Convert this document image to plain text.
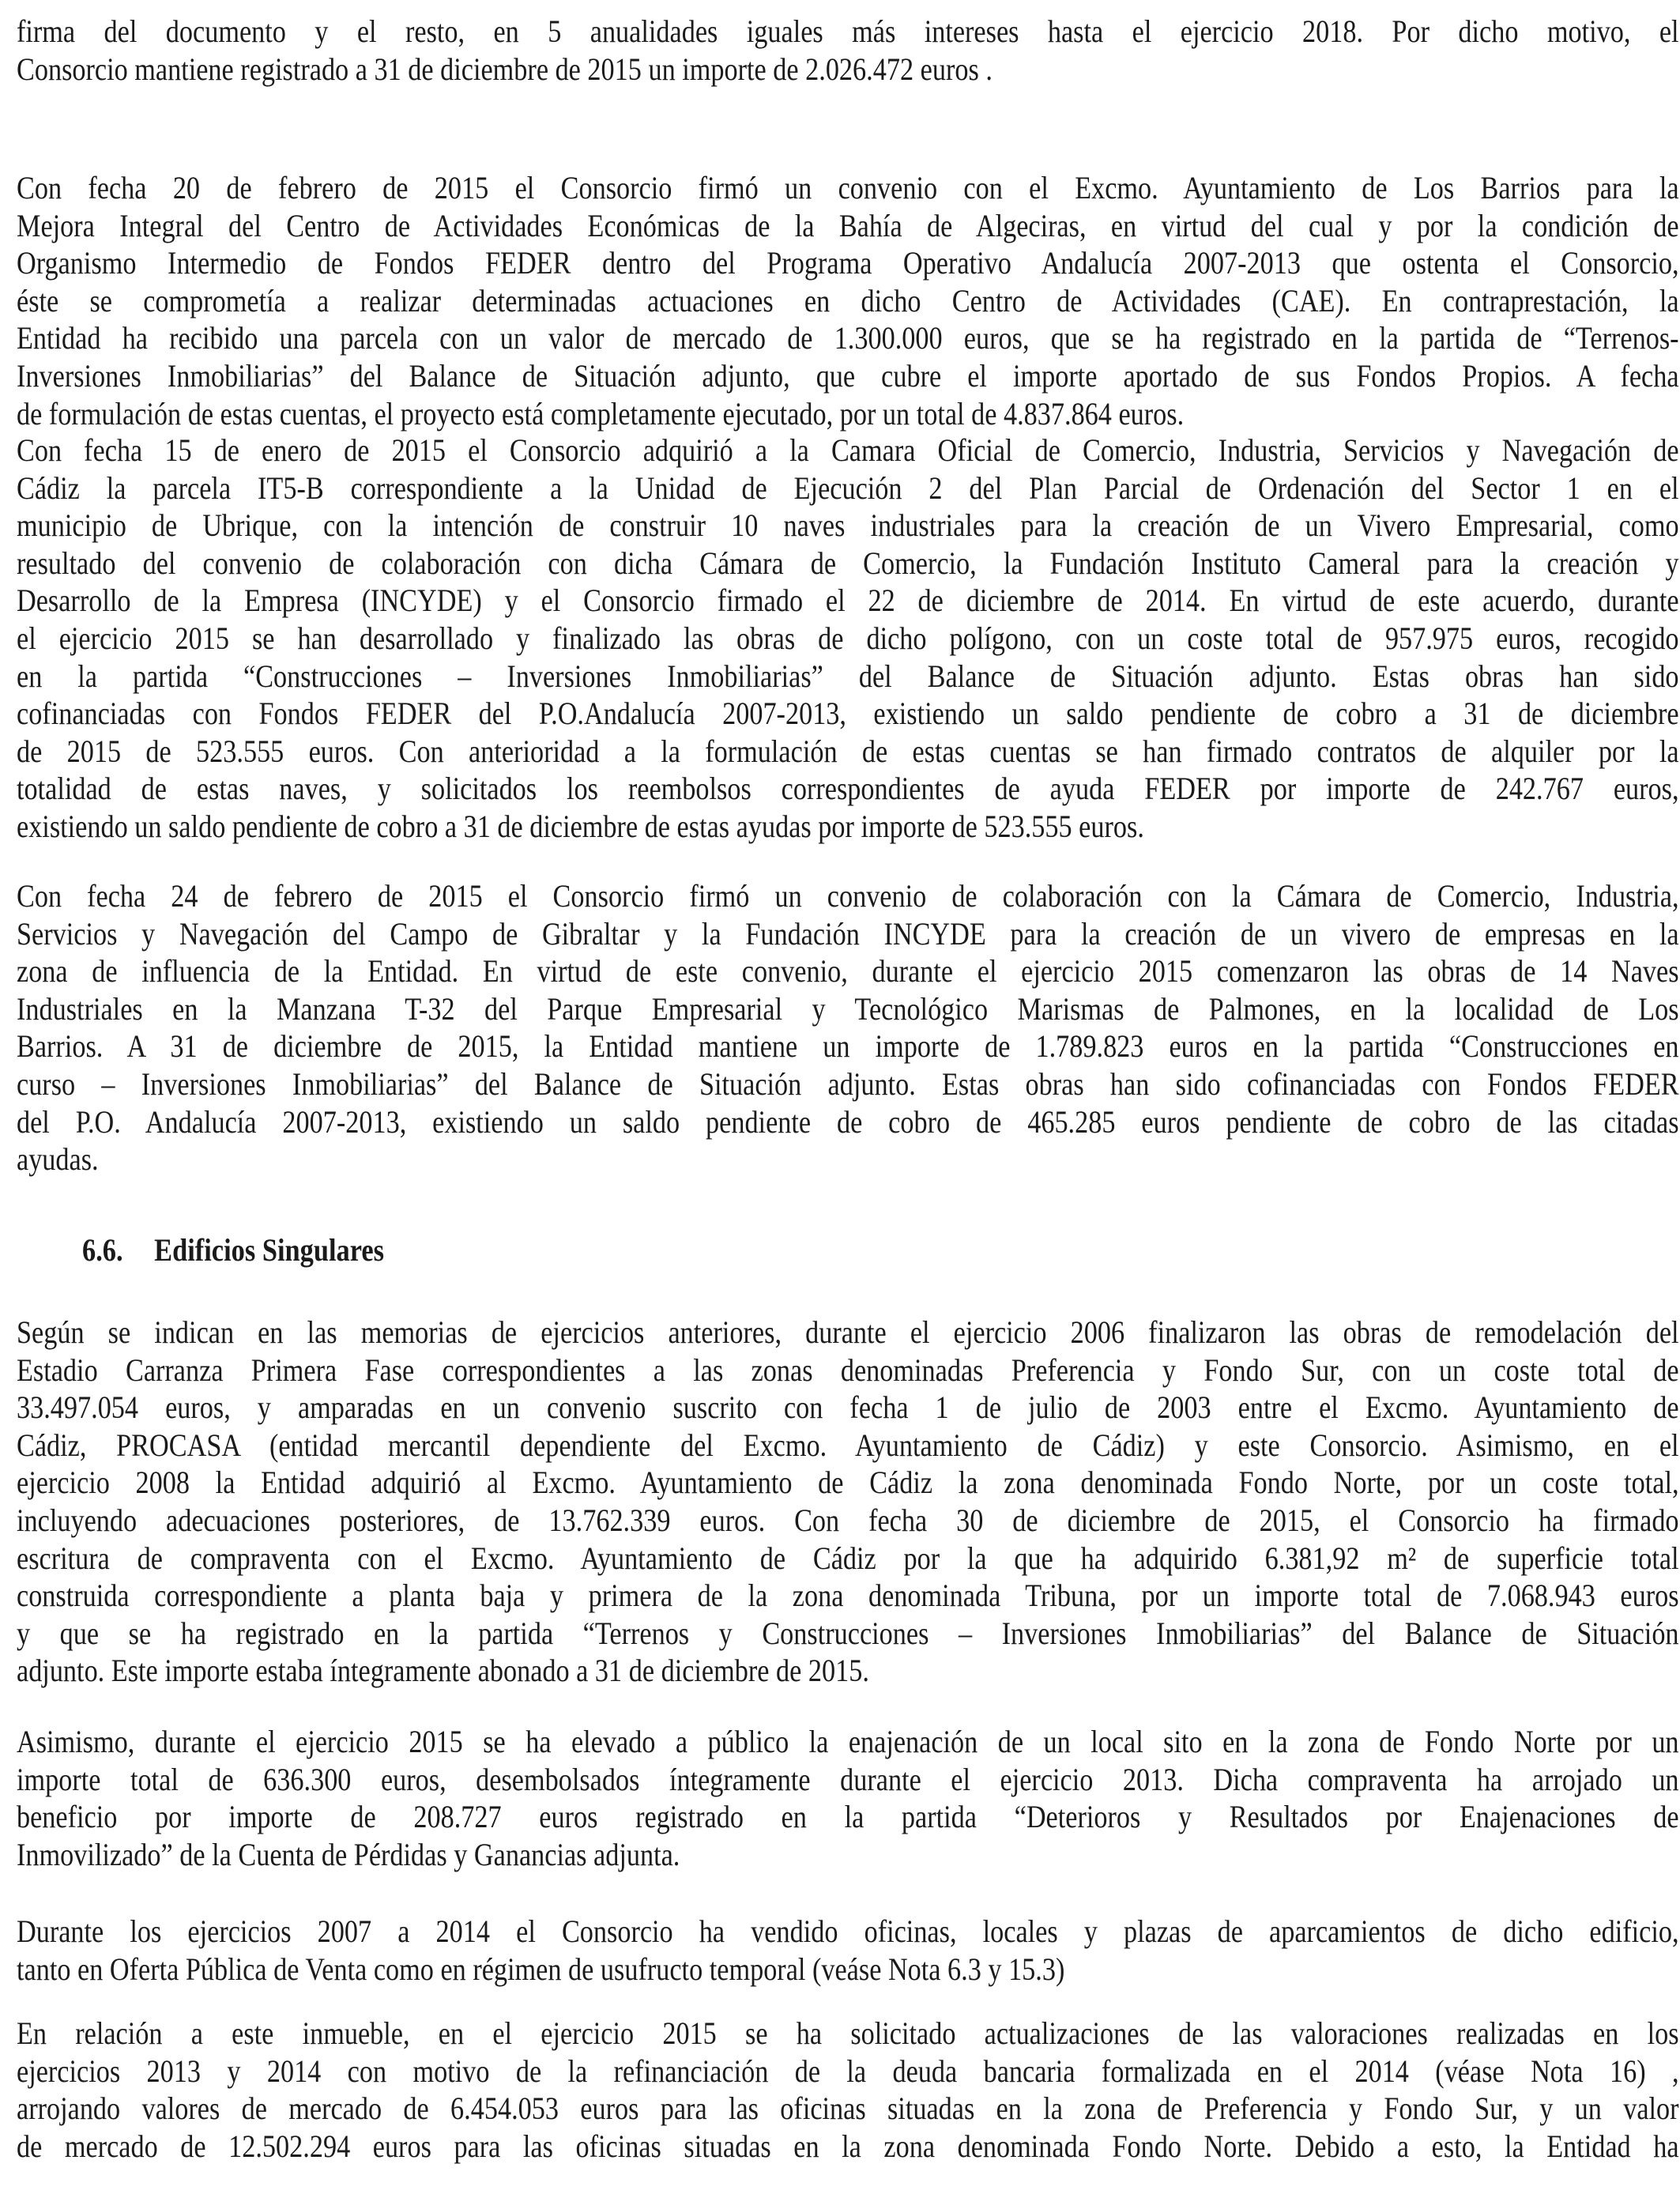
firma del documento y el resto, en 5 anualidades iguales más intereses hasta el ejercicio 2018. Por dicho motivo, el
Consorcio mantiene registrado a 31 de diciembre de 2015 un importe de 2.026.472 euros .
Con fecha 20 de febrero de 2015 el Consorcio firmó un convenio con el Excmo. Ayuntamiento de Los Barrios para la
Mejora Integral del Centro de Actividades Económicas de la Bahía de Algeciras, en virtud del cual y por la condición de
Organismo Intermedio de Fondos FEDER dentro del Programa Operativo Andalucía 2007-2013 que ostenta el Consorcio,
éste se comprometía a realizar determinadas actuaciones en dicho Centro de Actividades (CAE). En contraprestación, la
Entidad ha recibido una parcela con un valor de mercado de 1.300.000 euros, que se ha registrado en la partida de “Terrenos-
Inversiones Inmobiliarias” del Balance de Situación adjunto, que cubre el importe aportado de sus Fondos Propios. A fecha
de formulación de estas cuentas, el proyecto está completamente ejecutado, por un total de 4.837.864 euros.
Con fecha 15 de enero de 2015 el Consorcio adquirió a la Camara Oficial de Comercio, Industria, Servicios y Navegación de
Cádiz la parcela IT5-B correspondiente a la Unidad de Ejecución 2 del Plan Parcial de Ordenación del Sector 1 en el
municipio de Ubrique, con la intención de construir 10 naves industriales para la creación de un Vivero Empresarial, como
resultado del convenio de colaboración con dicha Cámara de Comercio, la Fundación Instituto Cameral para la creación y
Desarrollo de la Empresa (INCYDE) y el Consorcio firmado el 22 de diciembre de 2014. En virtud de este acuerdo, durante
el ejercicio 2015 se han desarrollado y finalizado las obras de dicho polígono, con un coste total de 957.975 euros, recogido
en la partida “Construcciones – Inversiones Inmobiliarias” del Balance de Situación adjunto. Estas obras han sido
cofinanciadas con Fondos FEDER del P.O.Andalucía 2007-2013, existiendo un saldo pendiente de cobro a 31 de diciembre
de 2015 de 523.555 euros. Con anterioridad a la formulación de estas cuentas se han firmado contratos de alquiler por la
totalidad de estas naves, y solicitados los reembolsos correspondientes de ayuda FEDER por importe de 242.767 euros,
existiendo un saldo pendiente de cobro a 31 de diciembre de estas ayudas por importe de 523.555 euros.
Con fecha 24 de febrero de 2015 el Consorcio firmó un convenio de colaboración con la Cámara de Comercio, Industria,
Servicios y Navegación del Campo de Gibraltar y la Fundación INCYDE para la creación de un vivero de empresas en la
zona de influencia de la Entidad. En virtud de este convenio, durante el ejercicio 2015 comenzaron las obras de 14 Naves
Industriales en la Manzana T-32 del Parque Empresarial y Tecnológico Marismas de Palmones, en la localidad de Los
Barrios. A 31 de diciembre de 2015, la Entidad mantiene un importe de 1.789.823 euros en la partida “Construcciones en
curso – Inversiones Inmobiliarias” del Balance de Situación adjunto. Estas obras han sido cofinanciadas con Fondos FEDER
del P.O. Andalucía 2007-2013, existiendo un saldo pendiente de cobro de 465.285 euros pendiente de cobro de las citadas
ayudas.
Según se indican en las memorias de ejercicios anteriores, durante el ejercicio 2006 finalizaron las obras de remodelación del
Estadio Carranza Primera Fase correspondientes a las zonas denominadas Preferencia y Fondo Sur, con un coste total de
33.497.054 euros, y amparadas en un convenio suscrito con fecha 1 de julio de 2003 entre el Excmo. Ayuntamiento de
Cádiz, PROCASA (entidad mercantil dependiente del Excmo. Ayuntamiento de Cádiz) y este Consorcio. Asimismo, en el
ejercicio 2008 la Entidad adquirió al Excmo. Ayuntamiento de Cádiz la zona denominada Fondo Norte, por un coste total,
incluyendo adecuaciones posteriores, de 13.762.339 euros. Con fecha 30 de diciembre de 2015, el Consorcio ha firmado
escritura de compraventa con el Excmo. Ayuntamiento de Cádiz por la que ha adquirido 6.381,92 m² de superficie total
construida correspondiente a planta baja y primera de la zona denominada Tribuna, por un importe total de 7.068.943 euros
y que se ha registrado en la partida “Terrenos y Construcciones – Inversiones Inmobiliarias” del Balance de Situación
adjunto. Este importe estaba íntegramente abonado a 31 de diciembre de 2015.
Asimismo, durante el ejercicio 2015 se ha elevado a público la enajenación de un local sito en la zona de Fondo Norte por un
importe total de 636.300 euros, desembolsados íntegramente durante el ejercicio 2013. Dicha compraventa ha arrojado un
beneficio por importe de 208.727 euros registrado en la partida “Deterioros y Resultados por Enajenaciones de
Inmovilizado” de la Cuenta de Pérdidas y Ganancias adjunta.
Durante los ejercicios 2007 a 2014 el Consorcio ha vendido oficinas, locales y plazas de aparcamientos de dicho edificio,
tanto en Oferta Pública de Venta como en régimen de usufructo temporal (veáse Nota 6.3 y 15.3)
En relación a este inmueble, en el ejercicio 2015 se ha solicitado actualizaciones de las valoraciones realizadas en los
ejercicios 2013 y 2014 con motivo de la refinanciación de la deuda bancaria formalizada en el 2014 (véase Nota 16) ,
arrojando valores de mercado de 6.454.053 euros para las oficinas situadas en la zona de Preferencia y Fondo Sur, y un valor
de mercado de 12.502.294 euros para las oficinas situadas en la zona denominada Fondo Norte. Debido a esto, la Entidad ha
6.6. Edificios Singulares
